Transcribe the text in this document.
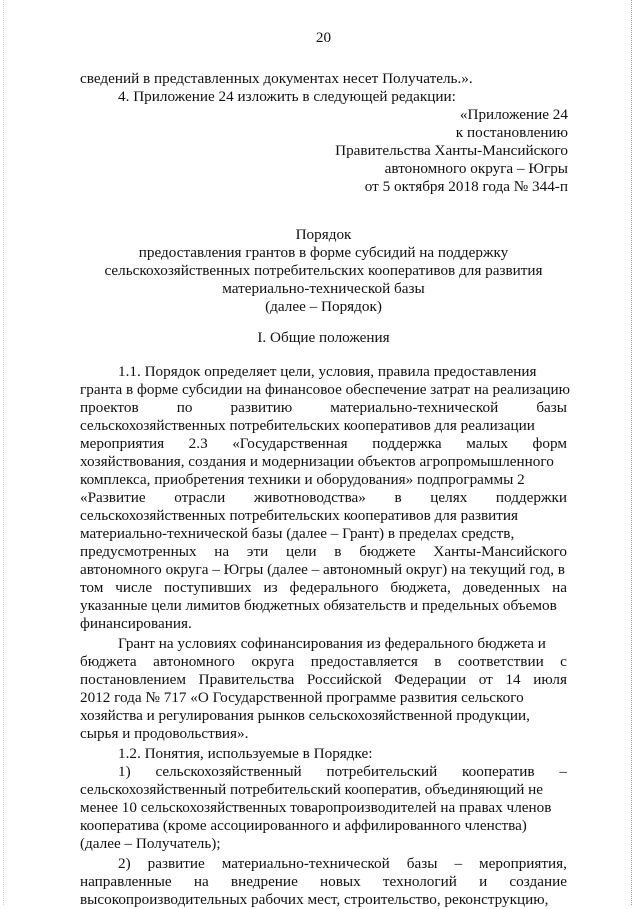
20
сведений в представленных документах несет Получатель.».
4. Приложение 24 изложить в следующей редакции:
«Приложение 24
к постановлению
Правительства Ханты-Мансийского
автономного округа – Югры
от 5 октября 2018 года № 344-п
Порядок
предоставления грантов в форме субсидий на поддержку
сельскохозяйственных потребительских кооперативов для развития
материально-технической базы
(далее – Порядок)
I. Общие положения
1.1. Порядок определяет цели, условия, правила предоставления
гранта в форме субсидии на финансовое обеспечение затрат на реализацию
проектов	по	развитию	материально-технической	базы
сельскохозяйственных потребительских кооперативов для реализации
мероприятия 2.3 «Государственная поддержка малых форм
хозяйствования, создания и модернизации объектов агропромышленного
комплекса, приобретения техники и оборудования» подпрограммы 2
«Развитие отрасли животноводства» в целях поддержки
сельскохозяйственных потребительских кооперативов для развития
материально-технической базы (далее – Грант) в пределах средств,
предусмотренных на эти цели в бюджете Ханты-Мансийского
автономного округа – Югры (далее – автономный округ) на текущий год, в
том числе поступивших из федерального бюджета, доведенных на
указанные цели лимитов бюджетных обязательств и предельных объемов
финансирования.
Грант на условиях софинансирования из федерального бюджета и
бюджета автономного округа предоставляется в соответствии с
постановлением Правительства Российской Федерации от 14 июля
2012 года № 717 «О Государственной программе развития сельского
хозяйства и регулирования рынков сельскохозяйственной продукции,
сырья и продовольствия».
1.2. Понятия, используемые в Порядке:
1) сельскохозяйственный потребительский кооператив –
сельскохозяйственный потребительский кооператив, объединяющий не
менее 10 сельскохозяйственных товаропроизводителей на правах членов
кооператива (кроме ассоциированного и аффилированного членства)
(далее – Получатель);
2) развитие материально-технической базы – мероприятия,
направленные на внедрение новых технологий и создание
высокопроизводительных рабочих мест, строительство, реконструкцию,
